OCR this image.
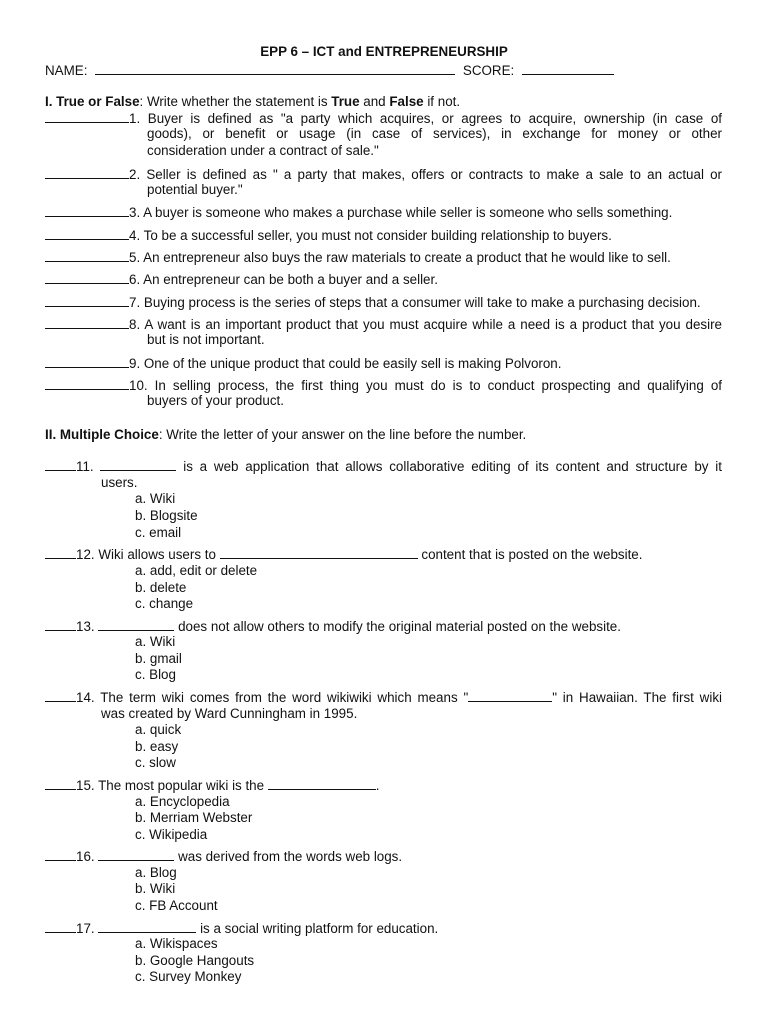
EPP 6 – ICT and ENTREPRENEURSHIP
NAME:	SCORE:
I. True or False: Write whether the statement is True and False if not.
1. Buyer is defined as "a party which acquires, or agrees to acquire, ownership (in case of
goods), or benefit or usage (in case of services), in exchange for money or other
consideration under a contract of sale."
2. Seller is defined as " a party that makes, offers or contracts to make a sale to an actual or
potential buyer."
3. A buyer is someone who makes a purchase while seller is someone who sells something.
4. To be a successful seller, you must not consider building relationship to buyers.
5. An entrepreneur also buys the raw materials to create a product that he would like to sell.
6. An entrepreneur can be both a buyer and a seller.
7. Buying process is the series of steps that a consumer will take to make a purchasing decision.
8. A want is an important product that you must acquire while a need is a product that you desire
but is not important.
9. One of the unique product that could be easily sell is making Polvoron.
10. In selling process, the first thing you must do is to conduct prospecting and qualifying of
buyers of your product.
II. Multiple Choice: Write the letter of your answer on the line before the number.
11.	is a web application that allows collaborative editing of its content and structure by it
users.
a. Wiki
b. Blogsite
c. email
12. Wiki allows users to	content that is posted on the website.
a. add, edit or delete
b. delete
c. change
13.	does not allow others to modify the original material posted on the website.
a. Wiki
b. gmail
c. Blog
14. The term wiki comes from the word wikiwiki which means "	" in Hawaiian. The first wiki
was created by Ward Cunningham in 1995.
a. quick
b. easy
c. slow
15. The most popular wiki is the	.
a. Encyclopedia
b. Merriam Webster
c. Wikipedia
16.	was derived from the words web logs.
a. Blog
b. Wiki
c. FB Account
17.	is a social writing platform for education.
a. Wikispaces
b. Google Hangouts
c. Survey Monkey
